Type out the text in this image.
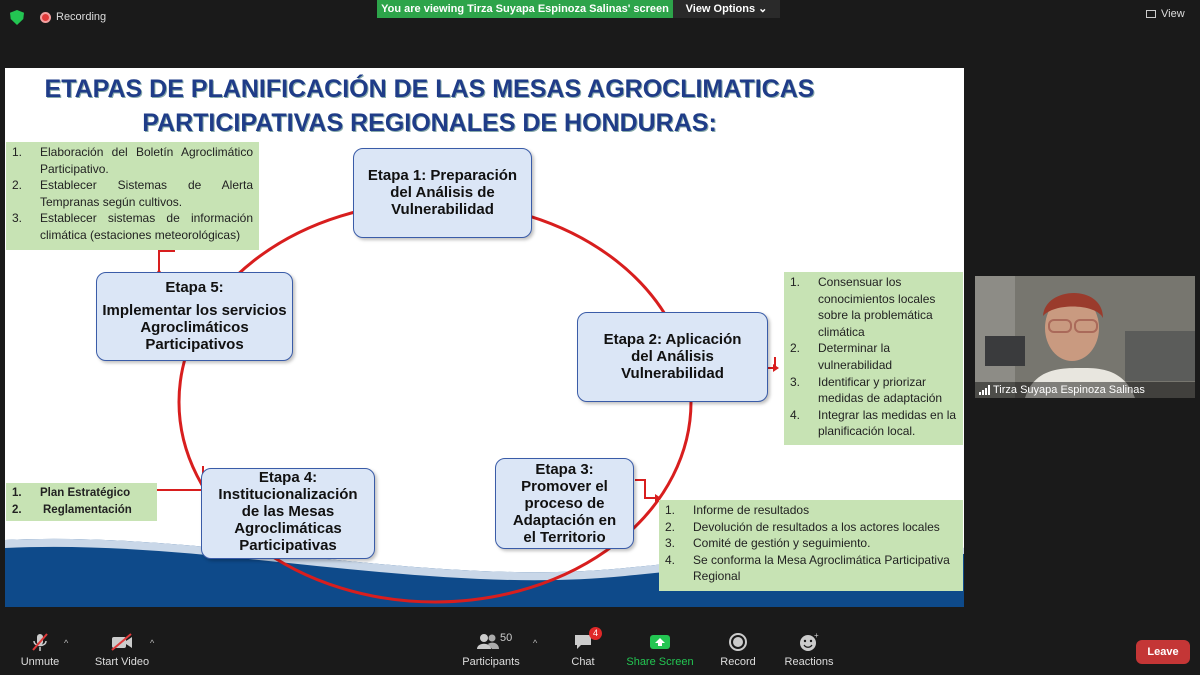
Recording
You are viewing Tirza Suyapa Espinoza Salinas' screen	View Options ⌄	View
ETAPAS DE PLANIFICACIÓN DE LAS MESAS AGROCLIMATICAS
PARTICIPATIVAS REGIONALES DE HONDURAS:
Etapa 1: Preparación
del Análisis de
Vulnerabilidad
Etapa 2: Aplicación
del Análisis
Vulnerabilidad
Etapa 3:
Promover el
proceso de
Adaptación en
el Territorio
Etapa 4:
Institucionalización
de las Mesas
Agroclimáticas
Participativas
Etapa 5:
Implementar los servicios
Agroclimáticos
Participativos
1.	Elaboración del Boletín Agroclimático Participativo.
2.	Establecer Sistemas de Alerta Tempranas según cultivos.
3.	Establecer sistemas de información climática (estaciones meteorológicas)
1.	Consensuar los conocimientos locales sobre la problemática climática
2.	Determinar la vulnerabilidad
3.	Identificar y priorizar medidas de adaptación
4.	Integrar las medidas en la planificación local.
1.	Plan Estratégico
2.	Reglamentación	1.	Informe de resultados
2.	Devolución de resultados a los actores locales
3.	Comité de gestión y seguimiento.
4.	Se conforma la Mesa Agroclimática Participativa Regional
Tirza Suyapa Espinoza Salinas
Unmute
^
Start Video
^	50
Participants
^
4
Chat	Share Screen Record
+
Reactions
Leave
